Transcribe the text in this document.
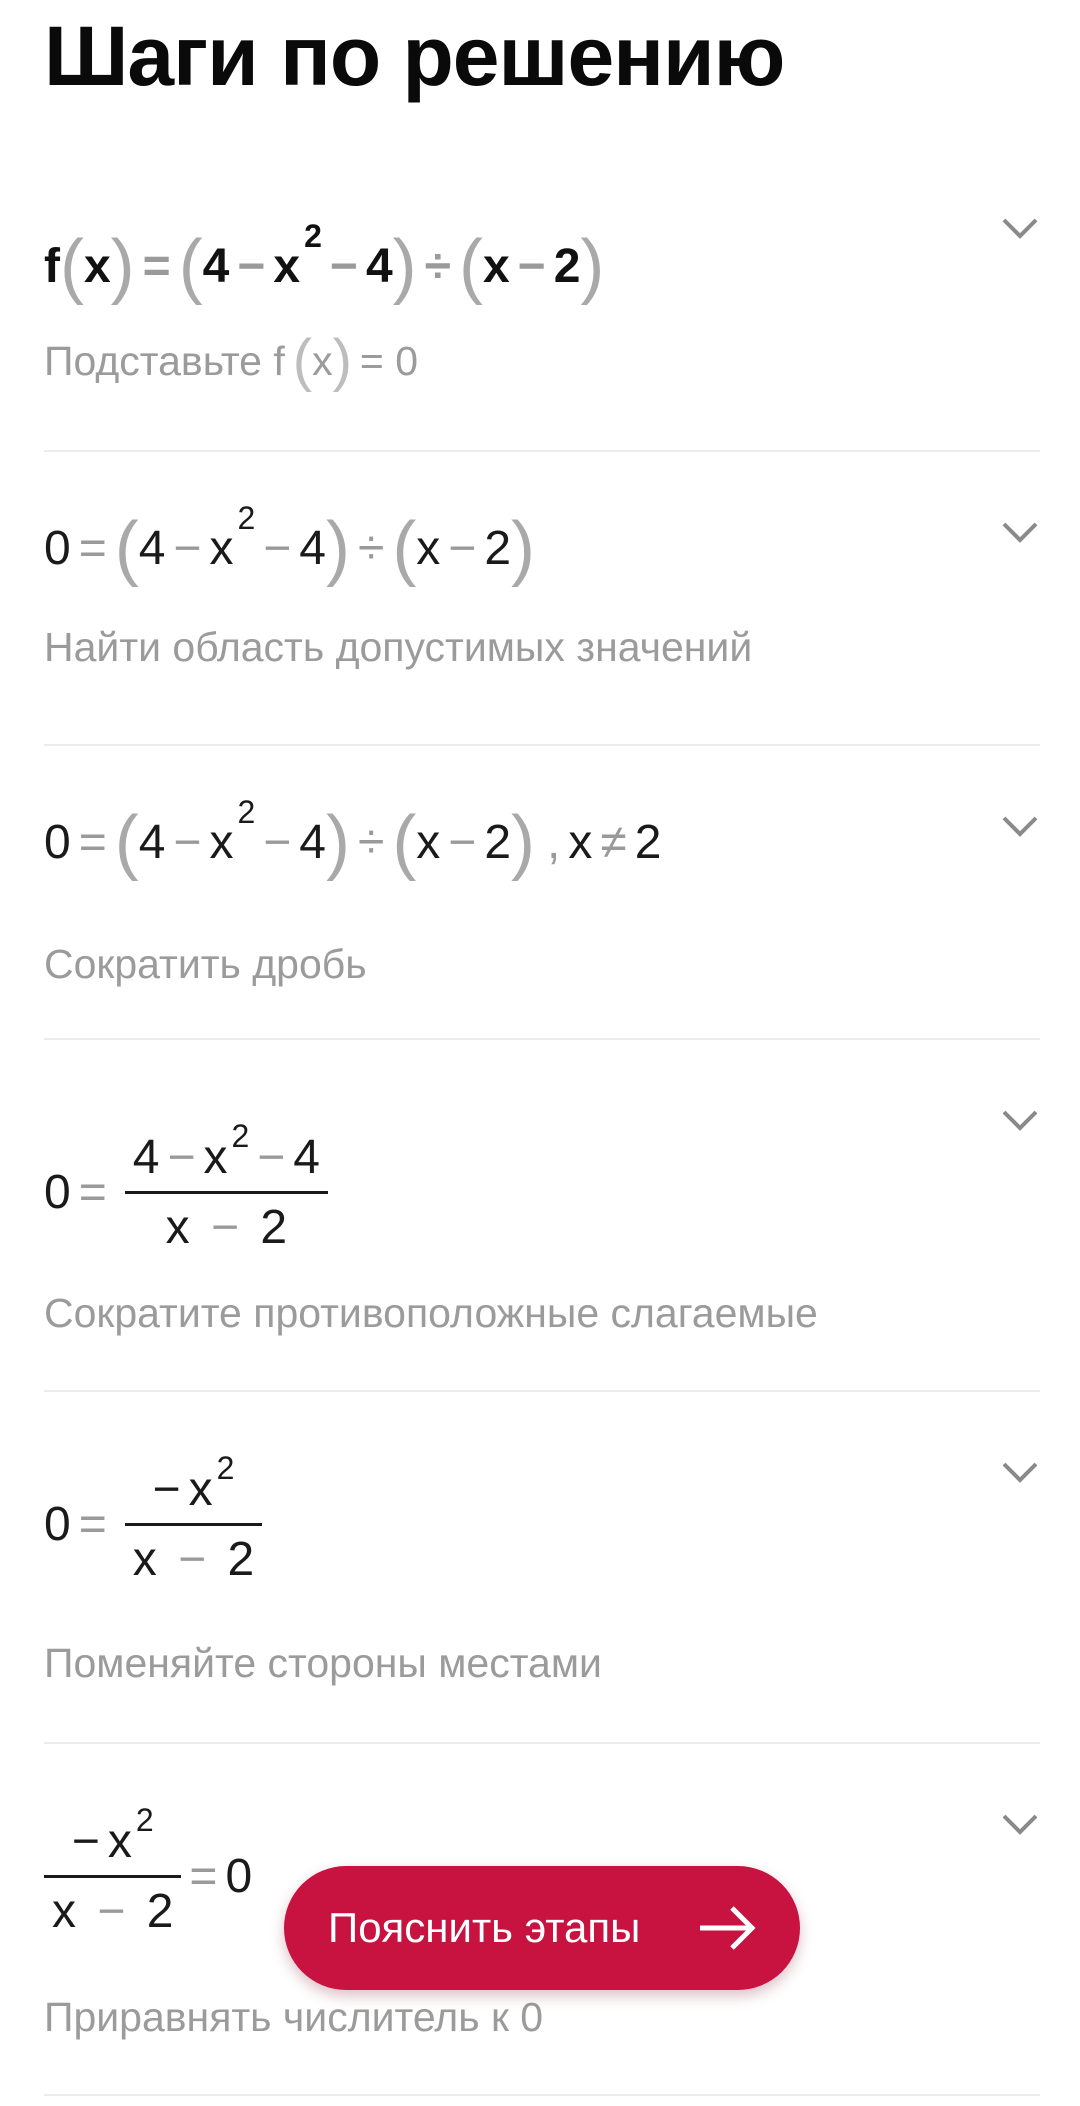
Шаги по решению
f ( x ) = ( 4 − x
2
− 4 ) ÷ ( x − 2 )
Подставьте f ( x ) = 0
0 = ( 4 − x
2
− 4 ) ÷ ( x − 2 )
Найти область допустимых значений
0 = ( 4 − x
2
− 4 ) ÷ ( x − 2 ) , x ≠ 2
Сократить дробь
$0 = \frac{4 - x 2 - 4}{x - 2}$
Сократите противоположные слагаемые
$0 = \frac{- x 2}{x - 2}$
Поменяйте стороны местами
$\frac{- x 2}{x - 2} = 0$
Приравнять числитель к 0
Пояснить этапы
